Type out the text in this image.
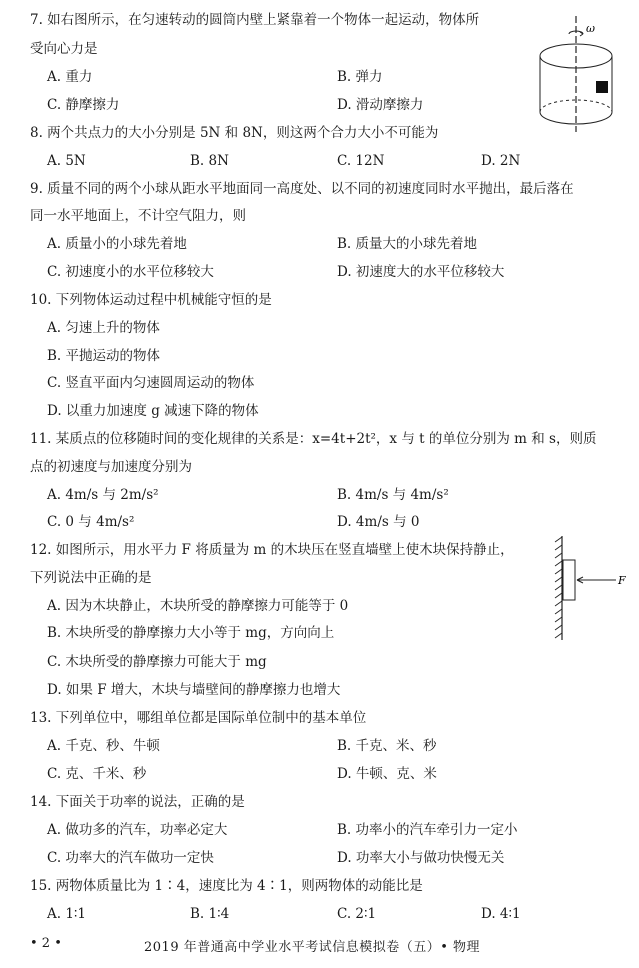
7. 如右图所示，在匀速转动的圆筒内壁上紧靠着一个物体一起运动，物体所
受向心力是
A. 重力	B. 弹力
C. 静摩擦力	D. 滑动摩擦力
ω
8. 两个共点力的大小分别是 5N 和 8N，则这两个合力大小不可能为
A. 5N	B. 8N	C. 12N	D. 2N
9. 质量不同的两个小球从距水平地面同一高度处、以不同的初速度同时水平抛出，最后落在
同一水平地面上，不计空气阻力，则
A. 质量小的小球先着地	B. 质量大的小球先着地
C. 初速度小的水平位移较大	D. 初速度大的水平位移较大
10. 下列物体运动过程中机械能守恒的是
A. 匀速上升的物体
B. 平抛运动的物体
C. 竖直平面内匀速圆周运动的物体
D. 以重力加速度 g 减速下降的物体
11. 某质点的位移随时间的变化规律的关系是：x=4t+2t²，x 与 t 的单位分别为 m 和 s，则质
点的初速度与加速度分别为
A. 4m/s 与 2m/s²	B. 4m/s 与 4m/s²
C. 0 与 4m/s²	D. 4m/s 与 0
12. 如图所示，用水平力 F 将质量为 m 的木块压在竖直墙壁上使木块保持静止，
下列说法中正确的是
A. 因为木块静止，木块所受的静摩擦力可能等于 0
B. 木块所受的静摩擦力大小等于 mg，方向向上
C. 木块所受的静摩擦力可能大于 mg
D. 如果 F 增大，木块与墙壁间的静摩擦力也增大
F
13. 下列单位中，哪组单位都是国际单位制中的基本单位
A. 千克、秒、牛顿	B. 千克、米、秒
C. 克、千米、秒	D. 牛顿、克、米
14. 下面关于功率的说法，正确的是
A. 做功多的汽车，功率必定大	B. 功率小的汽车牵引力一定小
C. 功率大的汽车做功一定快	D. 功率大小与做功快慢无关
15. 两物体质量比为 1∶4，速度比为 4∶1，则两物体的动能比是
A. 1∶1	B. 1∶4	C. 2∶1	D. 4∶1
• 2 •	2019 年普通高中学业水平考试信息模拟卷（五）• 物理
